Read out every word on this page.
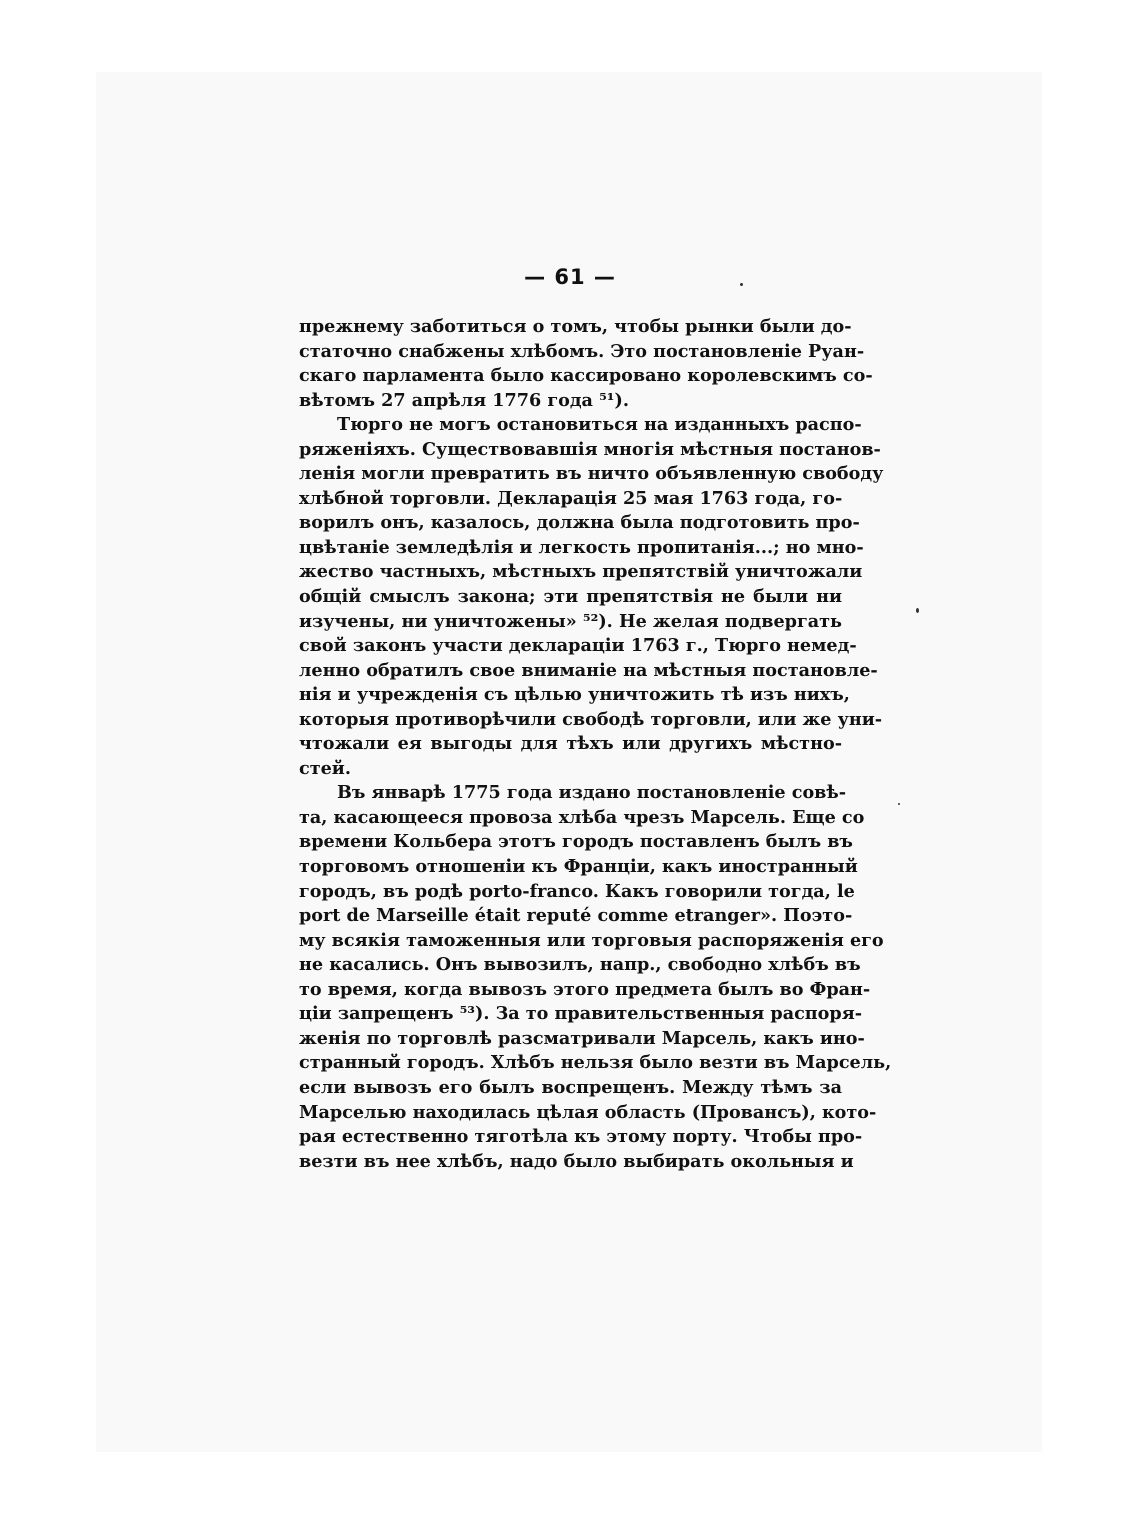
— 61 —
прежнему заботиться о томъ, чтобы рынки были до-
статочно снабжены хлѣбомъ. Это постановленіе Руан-
скаго парламента было кассировано королевскимъ со-
вѣтомъ 27 апрѣля 1776 года ⁵¹).
Тюрго не могъ остановиться на изданныхъ распо-
ряженіяхъ. Существовавшія многія мѣстныя постанов-
ленія могли превратить въ ничто объявленную свободу
хлѣбной торговли. Декларація 25 мая 1763 года, го-
ворилъ онъ, казалось, должна была подготовить про-
цвѣтаніе земледѣлія и легкость пропитанія...; но мно-
жество частныхъ, мѣстныхъ препятствій уничтожали
общій смыслъ закона; эти препятствія не были ни
изучены, ни уничтожены» ⁵²). Не желая подвергать
свой законъ участи деклараціи 1763 г., Тюрго немед-
ленно обратилъ свое вниманіе на мѣстныя постановле-
нія и учрежденія съ цѣлью уничтожить тѣ изъ нихъ,
которыя противорѣчили свободѣ торговли, или же уни-
чтожали ея выгоды для тѣхъ или другихъ мѣстно-
стей.
Въ январѣ 1775 года издано постановленіе совѣ-
та, касающееся провоза хлѣба чрезъ Марсель. Еще со
времени Кольбера этотъ городъ поставленъ былъ въ
торговомъ отношеніи къ Франціи, какъ иностранный
городъ, въ родѣ porto-franco. Какъ говорили тогда, le
port de Marseille était reputé comme etranger». Поэто-
му всякія таможенныя или торговыя распоряженія его
не касались. Онъ вывозилъ, напр., свободно хлѣбъ въ
то время, когда вывозъ этого предмета былъ во Фран-
ціи запрещенъ ⁵³). За то правительственныя распоря-
женія по торговлѣ разсматривали Марсель, какъ ино-
странный городъ. Хлѣбъ нельзя было везти въ Марсель,
если вывозъ его былъ воспрещенъ. Между тѣмъ за
Марселью находилась цѣлая область (Провансъ), кото-
рая естественно тяготѣла къ этому порту. Чтобы про-
везти въ нее хлѣбъ, надо было выбирать окольныя и
